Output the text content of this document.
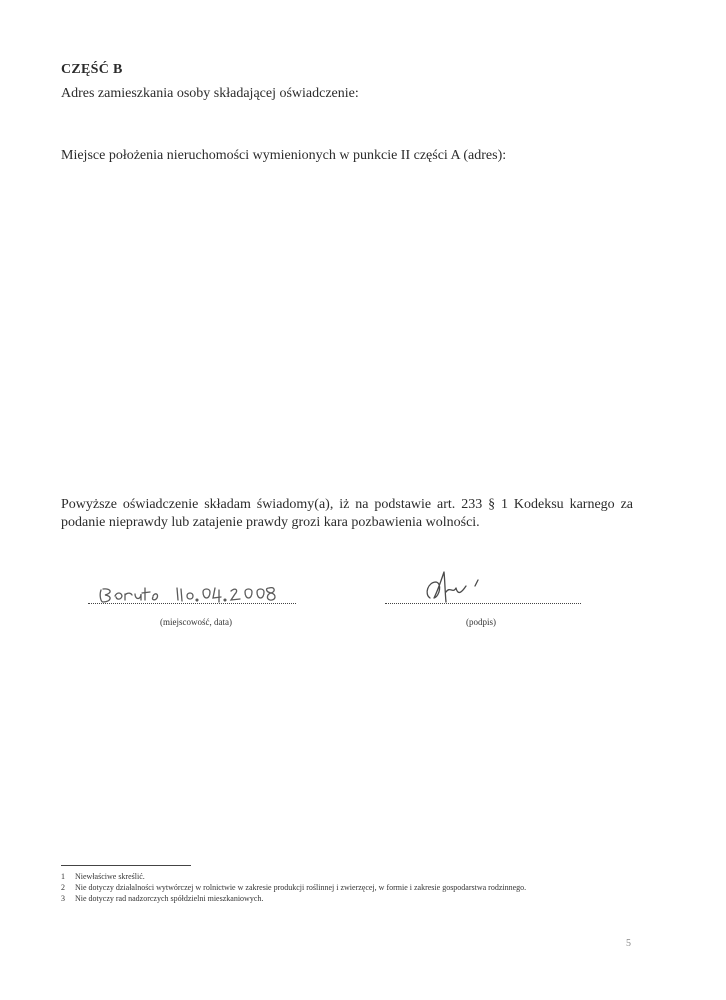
CZĘŚĆ B
Adres zamieszkania osoby składającej oświadczenie:
Miejsce położenia nieruchomości wymienionych w punkcie II części A (adres):
Powyższe oświadczenie składam świadomy(a), iż na podstawie art. 233 § 1 Kodeksu karnego za podanie nieprawdy lub zatajenie prawdy grozi kara pozbawienia wolności.
(miejscowość, data)	(podpis)
1 Niewłaściwe skreślić.
2 Nie dotyczy działalności wytwórczej w rolnictwie w zakresie produkcji roślinnej i zwierzęcej, w formie i zakresie gospodarstwa rodzinnego.
3 Nie dotyczy rad nadzorczych spółdzielni mieszkaniowych.
5
